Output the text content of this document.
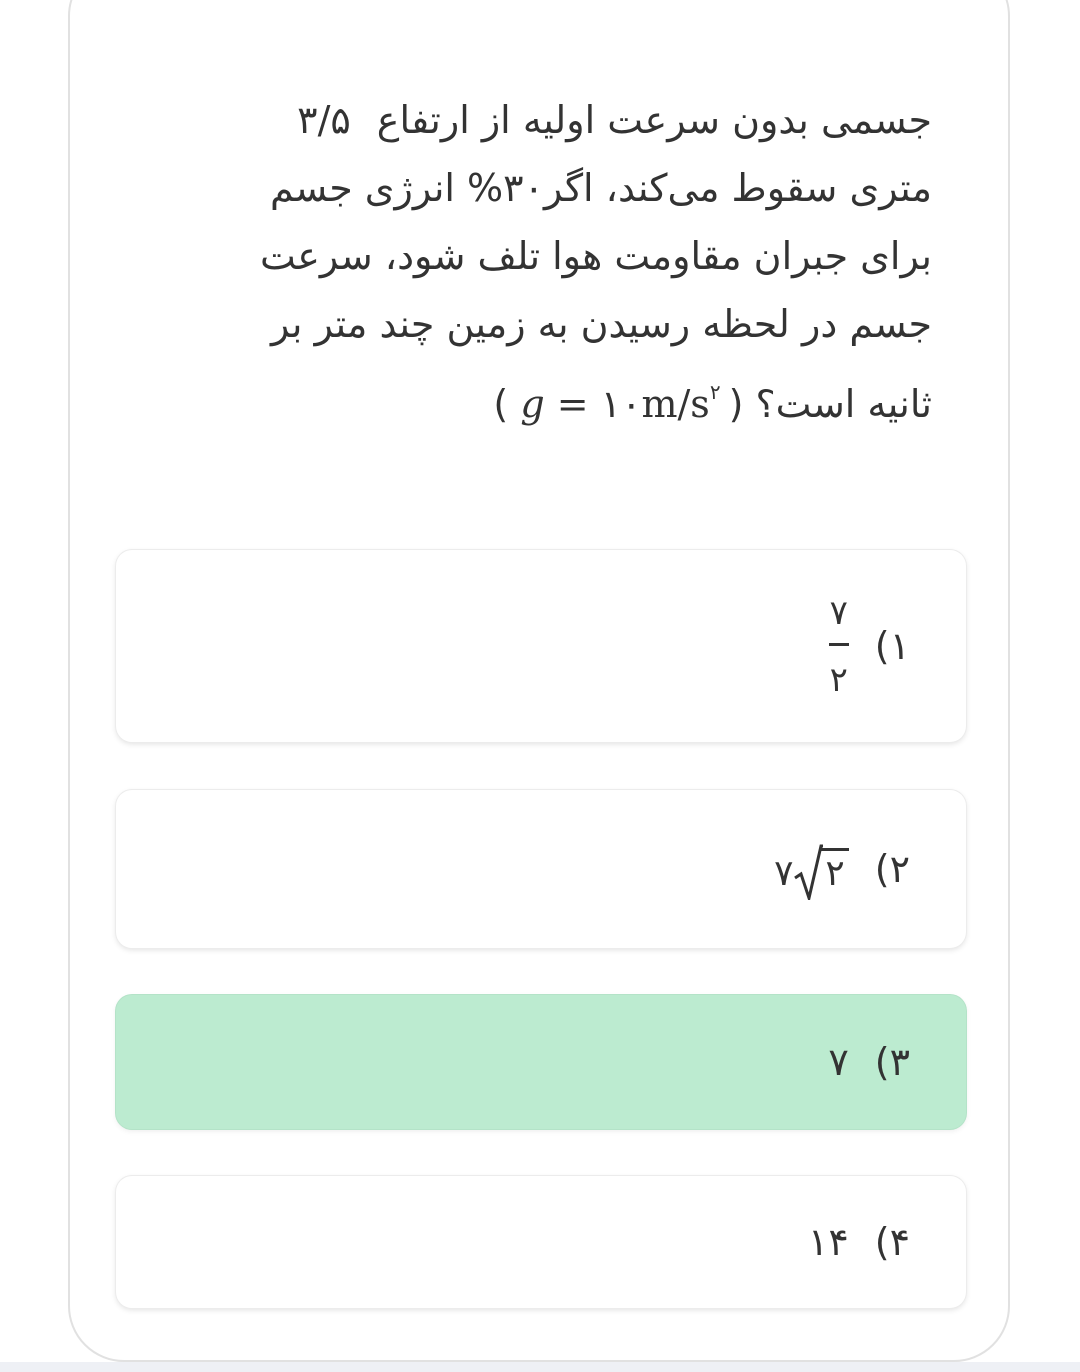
جسمی بدون سرعت اولیه از ارتفاع۳/۵
متری سقوط می‌کند، اگر۳۰% انرژی جسم
برای جبران مقاومت هوا تلف شود، سرعت
جسم در لحظه رسیدن به زمین چند متر بر
ثانیه است؟ ($g = ۱۰m/s^۲$ )
۱)
$\frac{۷}{۲}$
۲)
۷ ۲
۳)
۷
۴)
۱۴
